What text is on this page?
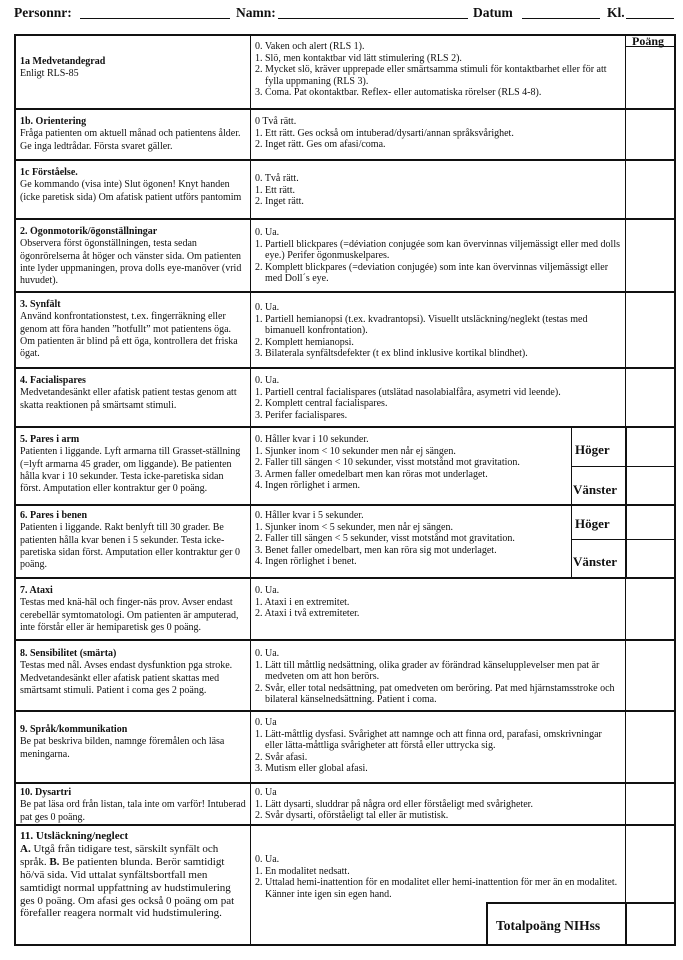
Personnr:	Namn:	Datum	Kl.
Poäng
1a Medvetandegrad
Enligt RLS-85
0. Vaken och alert (RLS 1).
1. Slö, men kontaktbar vid lätt stimulering (RLS 2).
2. Mycket slö, kräver upprepade eller smärtsamma stimuli för kontaktbarhet eller för att fylla uppmaning (RLS 3).
3. Coma. Pat okontaktbar. Reflex- eller automatiska rörelser (RLS 4-8).
1b. Orientering
Fråga patienten om aktuell månad och patientens ålder. Ge inga ledtrådar. Första svaret gäller.
0 Två rätt.
1. Ett rätt. Ges också om intuberad/dysarti/annan språksvårighet.
2. Inget rätt. Ges om afasi/coma.
1c Förståelse.
Ge kommando (visa inte) Slut ögonen! Knyt handen (icke paretisk sida) Om afatisk patient utförs pantomim
0. Två rätt.
1. Ett rätt.
2. Inget rätt.
2. Ögonmotorik/ögonställningar
Observera först ögonställningen, testa sedan ögonrörelserna åt höger och vänster sida. Om patienten inte lyder uppmaningen, prova dolls eye-manöver (vrid huvudet).
0. Ua.
1. Partiell blickpares (=déviation conjugée som kan övervinnas viljemässigt eller med dolls eye.) Perifer ögonmuskelpares.
2. Komplett blickpares (=deviation conjugée) som inte kan övervinnas viljemässigt eller med Doll´s eye.
3. Synfält
Använd konfrontationstest, t.ex. fingerräkning eller genom att föra handen ”hotfullt” mot patientens öga. Om patienten är blind på ett öga, kontrollera det friska ögat.
0. Ua.
1. Partiell hemianopsi (t.ex. kvadrantopsi). Visuellt utsläckning/neglekt (testas med bimanuell konfrontation).
2. Komplett hemianopsi.
3. Bilaterala synfältsdefekter (t ex blind inklusive kortikal blindhet).
4. Facialispares
Medvetandesänkt eller afatisk patient testas genom att skatta reaktionen på smärtsamt stimuli.
0. Ua.
1. Partiell central facialispares (utslätad nasolabialfåra, asymetri vid leende).
2. Komplett central facialispares.
3. Perifer facialispares.
5. Pares i arm
Patienten i liggande. Lyft armarna till Grasset-ställning (=lyft armarna 45 grader, om liggande). Be patienten hålla kvar i 10 sekunder. Testa icke-paretiska sidan först. Amputation eller kontraktur ger 0 poäng.
0. Håller kvar i 10 sekunder.
1. Sjunker inom < 10 sekunder men når ej sängen.
2. Faller till sängen < 10 sekunder, visst motstånd mot gravitation.
3. Armen faller omedelbart men kan röras mot underlaget.
4. Ingen rörlighet i armen.
Höger
Vänster
6. Pares i benen
Patienten i liggande. Rakt benlyft till 30 grader. Be patienten hålla kvar benen i 5 sekunder. Testa icke-paretiska sidan först. Amputation eller kontraktur ger 0 poäng.
0. Håller kvar i 5 sekunder.
1. Sjunker inom < 5 sekunder, men når ej sängen.
2. Faller till sängen < 5 sekunder, visst motstånd mot gravitation.
3. Benet faller omedelbart, men kan röra sig mot underlaget.
4. Ingen rörlighet i benet.
Höger
Vänster
7. Ataxi
Testas med knä-häl och finger-näs prov. Avser endast cerebellär symtomatologi. Om patienten är amputerad, inte förstår eller är hemiparetisk ges 0 poäng.
0. Ua.
1. Ataxi i en extremitet.
2. Ataxi i två extremiteter.
8. Sensibilitet (smärta)
Testas med nål. Avses endast dysfunktion pga stroke. Medvetandesänkt eller afatisk patient skattas med smärtsamt stimuli. Patient i coma ges 2 poäng.
0. Ua.
1. Lätt till måttlig nedsättning, olika grader av förändrad känselupplevelser men pat är medveten om att hon berörs.
2. Svår, eller total nedsättning, pat omedveten om beröring. Pat med hjärnstamsstroke och bilateral känselnedsättning. Patient i coma.
9. Språk/kommunikation
Be pat beskriva bilden, namnge föremålen och läsa meningarna.
0. Ua
1. Lätt-måttlig dysfasi. Svårighet att namnge och att finna ord, parafasi, omskrivningar eller lätta-måttliga svårigheter att förstå eller uttrycka sig.
2. Svår afasi.
3. Mutism eller global afasi.
10. Dysartri
Be pat läsa ord från listan, tala inte om varför! Intuberad pat ges 0 poäng.
0. Ua
1. Lätt dysarti, sluddrar på några ord eller förståeligt med svårigheter.
2. Svår dysarti, oförståeligt tal eller är mutistisk.
11. Utsläckning/neglect
A. Utgå från tidigare test, särskilt synfält och språk. B. Be patienten blunda. Berör samtidigt hö/vä sida. Vid uttalat synfältsbortfall men samtidigt normal uppfattning av hudstimulering ges 0 poäng. Om afasi ges också 0 poäng om pat förefaller reagera normalt vid hudstimulering.
0. Ua.
1. En modalitet nedsatt.
2. Uttalad hemi-inattention för en modalitet eller hemi-inattention för mer än en modalitet. Känner inte igen sin egen hand.
Totalpoäng NIHss
